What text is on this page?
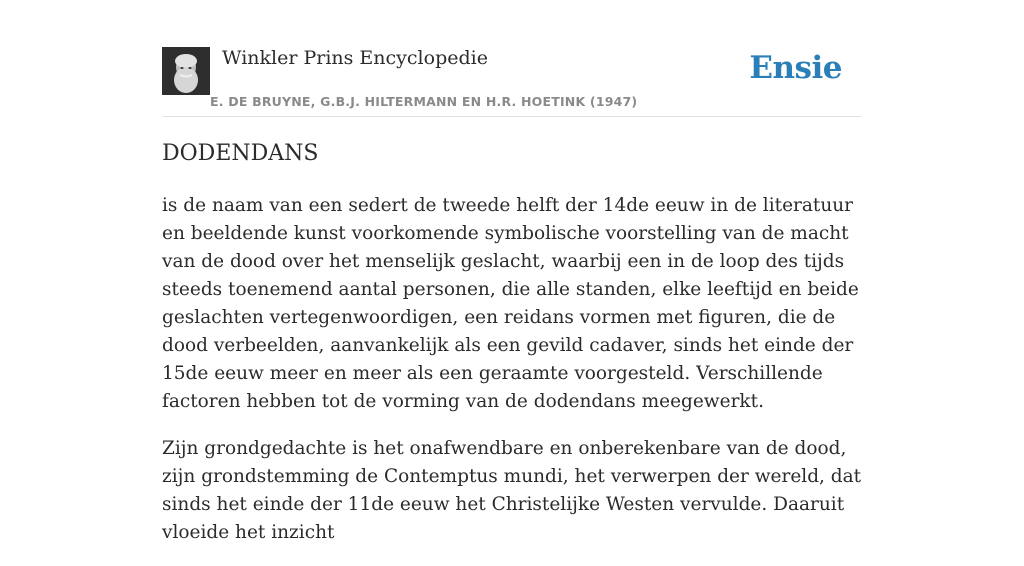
Winkler Prins Encyclopedie
E. DE BRUYNE, G.B.J. HILTERMANN EN H.R. HOETINK (1947)
Ensie
DODENDANS

is de naam van een sedert de tweede helft der 14de eeuw in de literatuur en beeldende kunst voorkomende symbolische voorstelling van de macht van de dood over het menselijk geslacht, waarbij een in de loop des tijds steeds toenemend aantal personen, die alle standen, elke leeftijd en beide geslachten vertegenwoordigen, een reidans vormen met figuren, die de dood verbeelden, aanvankelijk als een gevild cadaver, sinds het einde der 15de eeuw meer en meer als een geraamte voorgesteld. Verschillende factoren hebben tot de vorming van de dodendans meegewerkt.

Zijn grondgedachte is het onafwendbare en onberekenbare van de dood, zijn grondstemming de Contemptus mundi, het verwerpen der wereld, dat sinds het einde der 11de eeuw het Christelijke Westen vervulde. Daaruit vloeide het inzicht
